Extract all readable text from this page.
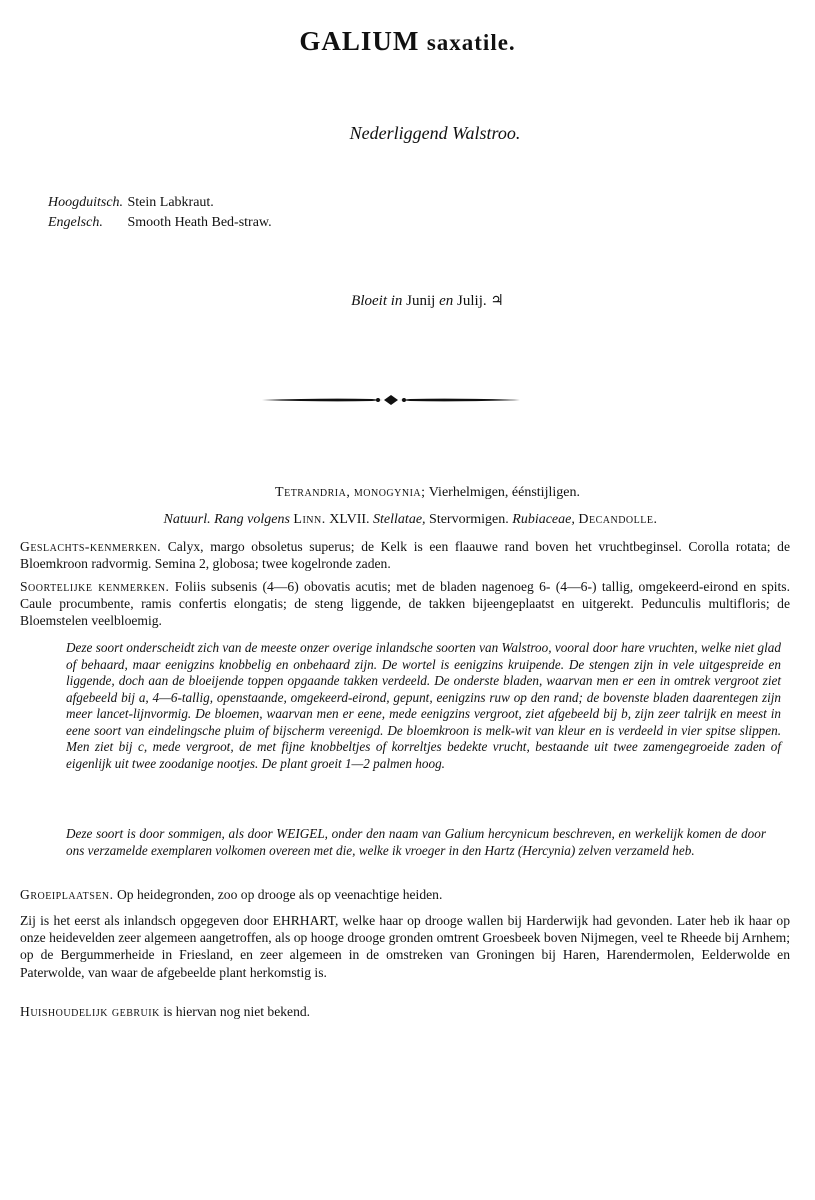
GALIUM saxatile.
Nederliggend Walstroo.
Hoogduitsch. Stein Labkraut.
Engelsch. Smooth Heath Bed-straw.
Bloeit in Junij en Julij. ♃
Tetrandria, monogynia; Vierhelmigen, éénstijligen.
Natuurl. Rang volgens Linn. XLVII. Stellatae, Stervormigen. Rubiaceae, Decandolle.

Geslachts-kenmerken. Calyx, margo obsoletus superus; de Kelk is een flaauwe rand boven het vruchtbeginsel. Corolla rotata; de Bloemkroon radvormig. Semina 2, globosa; twee kogelronde zaden.

Soortelijke kenmerken. Foliis subsenis (4—6) obovatis acutis; met de bladen nagenoeg 6- (4—6-) tallig, omgekeerd-eirond en spits. Caule procumbente, ramis confertis elongatis; de steng liggende, de takken bijeengeplaatst en uitgerekt. Pedunculis multifloris; de Bloemstelen veelbloemig.

Deze soort onderscheidt zich van de meeste onzer overige inlandsche soorten van Walstroo, vooral door hare vruchten, welke niet glad of behaard, maar eenigzins knobbelig en onbehaard zijn. De wortel is eenigzins kruipende. De stengen zijn in vele uitgespreide en liggende, doch aan de bloeijende toppen opgaande takken verdeeld. De onderste bladen, waarvan men er een in omtrek vergroot ziet afgebeeld bij a, 4—6-tallig, openstaande, omgekeerd-eirond, gepunt, eenigzins ruw op den rand; de bovenste bladen daarentegen zijn meer lancet-lijnvormig. De bloemen, waarvan men er eene, mede eenigzins vergroot, ziet afgebeeld bij b, zijn zeer talrijk en meest in eene soort van eindelingsche pluim of bijscherm vereenigd. De bloemkroon is melk-wit van kleur en is verdeeld in vier spitse slippen. Men ziet bij c, mede vergroot, de met fijne knobbeltjes of korreltjes bedekte vrucht, bestaande uit twee zamengegroeide zaden of eigenlijk uit twee zoodanige nootjes. De plant groeit 1—2 palmen hoog.
Deze soort is door sommigen, als door WEIGEL, onder den naam van Galium hercynicum beschreven, en werkelijk komen de door ons verzamelde exemplaren volkomen overeen met die, welke ik vroeger in den Hartz (Hercynia) zelven verzameld heb.
Groeiplaatsen. Op heidegronden, zoo op drooge als op veenachtige heiden.
Zij is het eerst als inlandsch opgegeven door EHRHART, welke haar op drooge wallen bij Harderwijk had gevonden. Later heb ik haar op onze heidevelden zeer algemeen aangetroffen, als op hooge drooge gronden omtrent Groesbeek boven Nijmegen, veel te Rheede bij Arnhem; op de Bergummerheide in Friesland, en zeer algemeen in de omstreken van Groningen bij Haren, Harendermolen, Eelderwolde en Paterwolde, van waar de afgebeelde plant herkomstig is.
Huishoudelijk gebruik is hiervan nog niet bekend.
